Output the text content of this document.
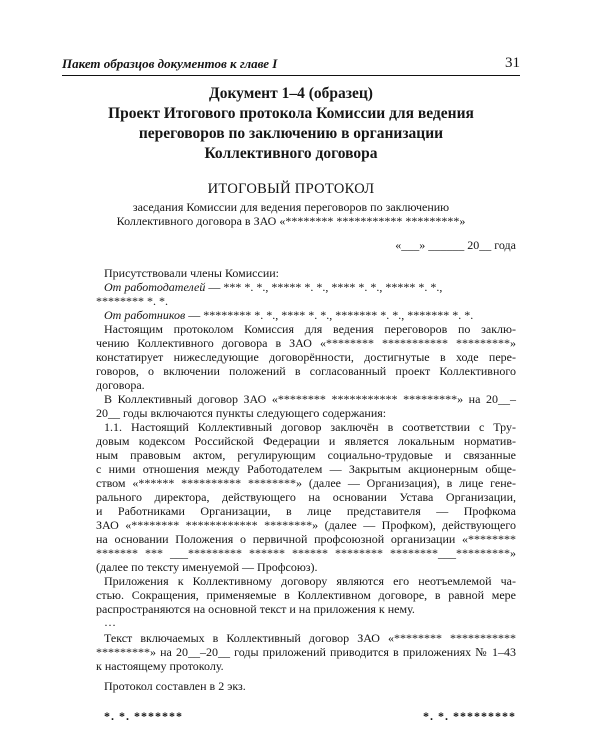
Пакет образцов документов к главе I	31
Документ 1–4 (образец)
Проект Итогового протокола Комиссии для ведения
переговоров по заключению в организации
Коллективного договора
ИТОГОВЫЙ ПРОТОКОЛ
заседания Комиссии для ведения переговоров по заключению
Коллективного договора в ЗАО «******** *********** *********»
«___» ______ 20__ года
Присутствовали члены Комиссии:
От работодателей — *** *. *., ***** *. *., **** *. *., ***** *. *.,
******** *. *.
От работников — ******** *. *., **** *. *., ******* *. *., ******* *. *.
Настоящим протоколом Комиссия для ведения переговоров по заклю-
чению Коллективного договора в ЗАО «******** *********** *********»
констатирует нижеследующие договорённости, достигнутые в ходе пере-
говоров, о включении положений в согласованный проект Коллективного
договора.
В Коллективный договор ЗАО «******** *********** *********» на 20__–
20__ годы включаются пункты следующего содержания:
1.1. Настоящий Коллективный договор заключён в соответствии с Тру-
довым кодексом Российской Федерации и является локальным норматив-
ным правовым актом, регулирующим социально-трудовые и связанные
с ними отношения между Работодателем — Закрытым акционерным обще-
ством «****** ********** ********» (далее — Организация), в лице гене-
рального директора, действующего на основании Устава Организации,
и Работниками Организации, в лице представителя — Профкома
ЗАО «******** ************ ********» (далее — Профком), действующего
на основании Положения о первичной профсоюзной организации «********
******* *** ___********* ****** ****** ******** ********___*********»
(далее по тексту именуемой — Профсоюз).
Приложения к Коллективному договору являются его неотъемлемой ча-
стью. Сокращения, применяемые в Коллективном договоре, в равной мере
распространяются на основной текст и на приложения к нему.
…
Текст включаемых в Коллективный договор ЗАО «******** ***********
*********» на 20__–20__ годы приложений приводится в приложениях № 1–43
к настоящему протоколу.
Протокол составлен в 2 экз.
*. *. *******	*. *. *********
